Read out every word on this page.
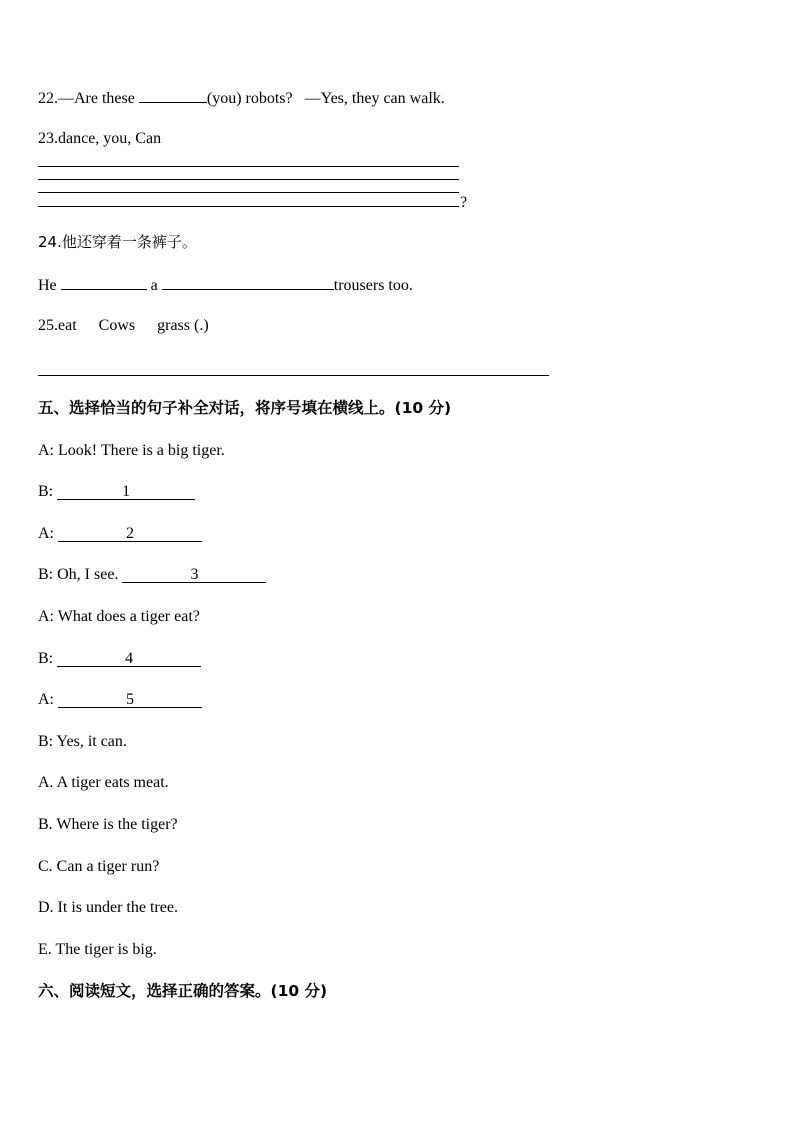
22.—Are these	(you) robots? —Yes, they can walk.
23.dance, you, Can
?
24.他还穿着一条裤子。
He	a	trousers too.
25.eat Cows grass (.)
五、选择恰当的句子补全对话，将序号填在横线上。(10 分)
A: Look! There is a big tiger.
B:	1
A:	2
B: Oh, I see.	3
A: What does a tiger eat?
B:	4
A:	5
B: Yes, it can.
A. A tiger eats meat.
B. Where is the tiger?
C. Can a tiger run?
D. It is under the tree.
E. The tiger is big.
六、阅读短文，选择正确的答案。(10 分)
